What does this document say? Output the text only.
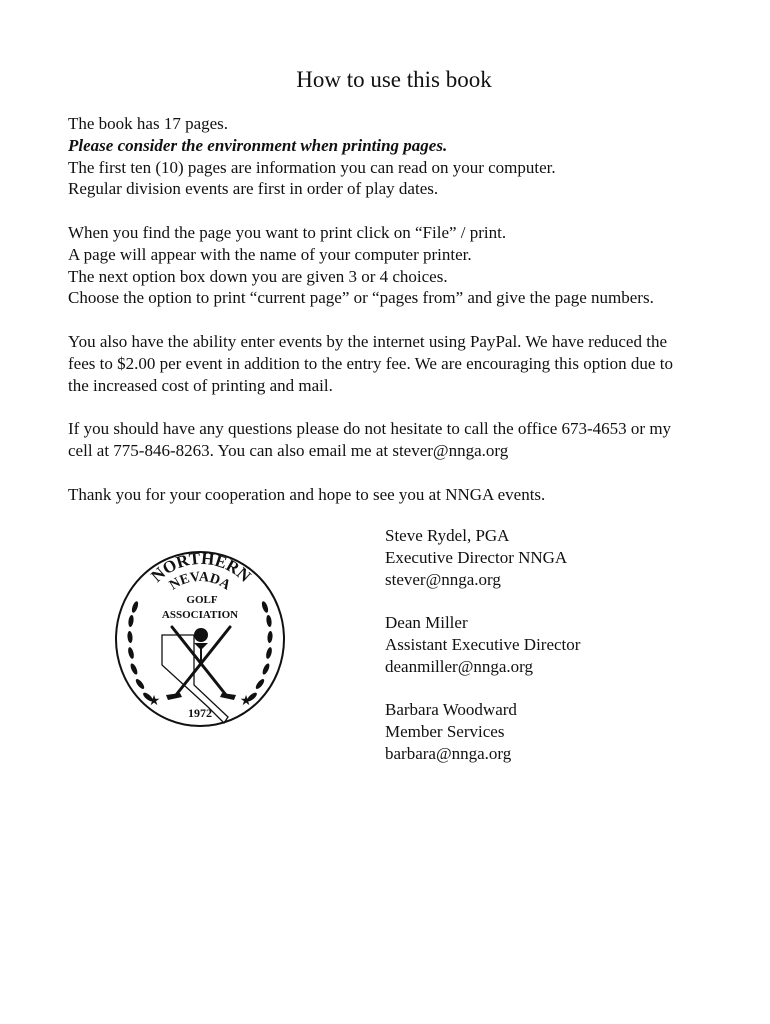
How to use this book
The book has 17 pages.
Please consider the environment when printing pages.
The first ten (10) pages are information you can read on your computer.
Regular division events are first in order of play dates.
When you find the page you want to print click on “File” / print.
A page will appear with the name of your computer printer.
The next option box down you are given 3 or 4 choices.
Choose the option to print “current page” or “pages from” and give the page numbers.
You also have the ability enter events by the internet using PayPal. We have reduced the
fees to $2.00 per event in addition to the entry fee. We are encouraging this option due to
the increased cost of printing and mail.
If you should have any questions please do not hesitate to call the office 673-4653 or my
cell at 775-846-8263. You can also email me at stever@nnga.org
Thank you for your cooperation and hope to see you at NNGA events.
Steve Rydel, PGA
Executive Director NNGA
stever@nnga.org
Dean Miller
Assistant Executive Director
deanmiller@nnga.org
Barbara Woodward
Member Services
barbara@nnga.org
NORTHERN
NEVADA
GOLF
ASSOCIATION
★	★
1972
